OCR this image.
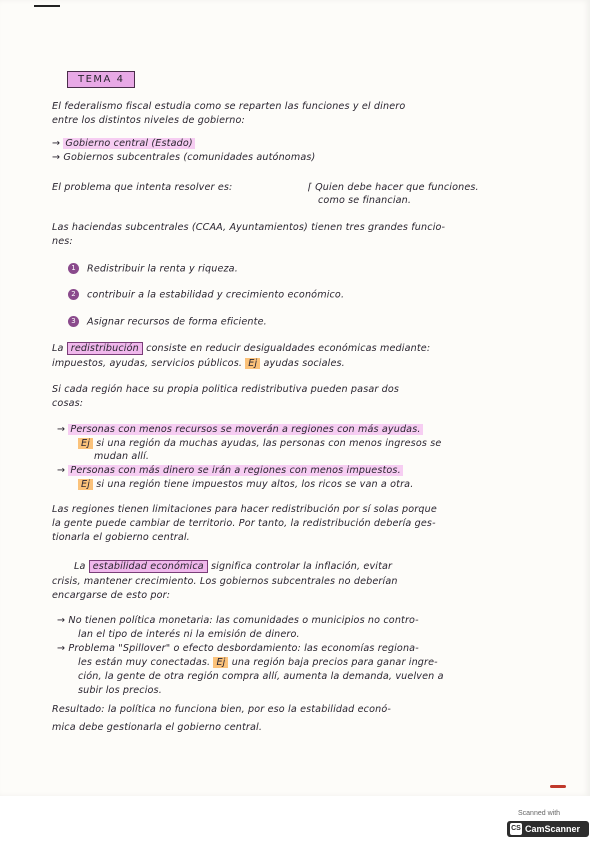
TEMA 4
El federalismo fiscal estudia como se reparten las funciones y el dinero
entre los distintos niveles de gobierno:
→ Gobierno central (Estado)
→ Gobiernos subcentrales (comunidades autónomas)
El problema que intenta resolver es:	⌈ Quien debe hacer que funciones.
como se financian.
Las haciendas subcentrales (CCAA, Ayuntamientos) tienen tres grandes funcio-
nes:
1 Redistribuir la renta y riqueza.
2 contribuir a la estabilidad y crecimiento económico.
3 Asignar recursos de forma eficiente.
La redistribución consiste en reducir desigualdades económicas mediante:
impuestos, ayudas, servicios públicos. Ej ayudas sociales.
Si cada región hace su propia politica redistributiva pueden pasar dos
cosas:
→ Personas con menos recursos se moverán a regiones con más ayudas.
Ej si una región da muchas ayudas, las personas con menos ingresos se
mudan allí.
→ Personas con más dinero se irán a regiones con menos impuestos.
Ej si una región tiene impuestos muy altos, los ricos se van a otra.
Las regiones tienen limitaciones para hacer redistribución por sí solas porque
la gente puede cambiar de territorio. Por tanto, la redistribución debería ges-
tionarla el gobierno central.
La estabilidad económica significa controlar la inflación, evitar
crisis, mantener crecimiento. Los gobiernos subcentrales no deberían
encargarse de esto por:
→ No tienen política monetaria: las comunidades o municipios no contro-
lan el tipo de interés ni la emisión de dinero.
→ Problema "Spillover" o efecto desbordamiento: las economías regiona-
les están muy conectadas. Ej una región baja precios para ganar ingre-
ción, la gente de otra región compra allí, aumenta la demanda, vuelven a
subir los precios.
Resultado: la política no funciona bien, por eso la estabilidad econó-
mica debe gestionarla el gobierno central.
Scanned with
CS CamScanner
